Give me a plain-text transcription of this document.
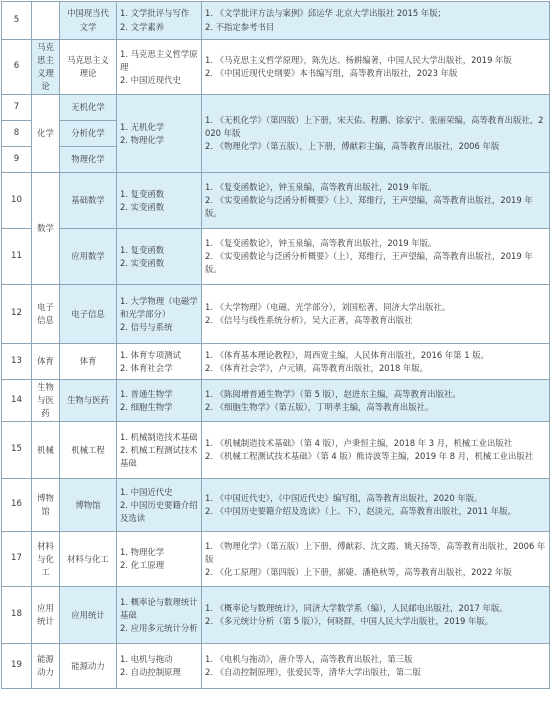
5		中国现当代文学	1. 文学批评与写作
2. 文学素养	1. 《文学批评方法与案例》邱运华 北京大学出版社 2015 年版；
2. 不指定参考书目

6	马克思主义理论	马克思主义理论	1. 马克思主义哲学原理
2. 中国近现代史	1. 《马克思主义哲学原理》，陈先达、杨耕编著，中国人民大学出版社，2019 年版
2. 《中国近现代史纲要》本书编写组，高等教育出版社，2023 年版

7	化学	无机化学	1. 无机化学
2. 物理化学	1. 《无机化学》（第四版）上下册，宋天佑、程鹏、徐家宁、张丽荣编，高等教育出版社，2020 年版
2. 《物理化学》（第五版），上下册，傅献彩主编，高等教育出版社，2006 年版

8		分析化学		
9		物理化学		
10	数学	基础数学	1. 复变函数
2. 实变函数	1. 《复变函数论》，钟玉泉编，高等教育出版社，2019 年版。
2. 《实变函数论与泛函分析概要》（上），郑维行，王声望编，高等教育出版社，2019 年版。

11		应用数学	1. 复变函数
2. 实变函数	1. 《复变函数论》，钟玉泉编，高等教育出版社，2019 年版。
2. 《实变函数论与泛函分析概要》（上），郑维行，王声望编，高等教育出版社，2019 年版。

12	电子信息	电子信息	1. 大学物理（电磁学和光学部分）
2. 信号与系统	1. 《大学物理》（电磁、光学部分），刘国松著，同济大学出版社。
2. 《信号与线性系统分析》，吴大正著，高等教育出版社

13	体育	体育	1. 体育专项测试
2. 体育社会学	1. 《体育基本理论教程》，周西宽主编，人民体育出版社，2016 年第 1 版。
2. 《体育社会学》，卢元镇，高等教育出版社，2018 年版。

14	生物与医药	生物与医药	1. 普通生物学
2. 细胞生物学	1. 《陈阅增普通生物学》（第 5 版），赵进东主编，高等教育出版社。
2. 《细胞生物学》（第五版），丁明孝主编，高等教育出版社。

15	机械	机械工程	1. 机械制造技术基础
2. 机械工程测试技术基础	1. 《机械制造技术基础》（第 4 版），卢秉恒主编，2018 年 3 月，机械工业出版社
2. 《机械工程测试技术基础》（第 4 版）熊诗波等主编，2019 年 8 月，机械工业出版社

16	博物馆	博物馆	1. 中国近代史
2. 中国历史要籍介绍及选读	1. 《中国近代史》，《中国近代史》编写组，高等教育出版社，2020 年版。
2. 《中国历史要籍介绍及选读》（上、下），赵淡元，高等教育出版社，2011 年版。

17	材料与化工	材料与化工	1. 物理化学
2. 化工原理	1. 《物理化学》（第五版）上下册，傅献彩、沈文霞、姚天扬等，高等教育出版社，2006 年版
2. 《化工原理》（第四版）上下册，郝婕、潘艳秋等，高等教育出版社，2022 年版

18	应用统计	应用统计	1. 概率论与数理统计基础
2. 应用多元统计分析	1. 《概率论与数理统计》，同济大学数学系（编），人民邮电出版社，2017 年版。
2. 《多元统计分析（第 5 版）》，何晓群，中国人民大学出版社，2019 年版。

19	能源动力	能源动力	1. 电机与拖动
2. 自动控制原理	1. 《电机与拖动》，唐介等人，高等教育出版社，第三版
2. 《自动控制原理》，张爱民等，清华大学出版社，第二版
